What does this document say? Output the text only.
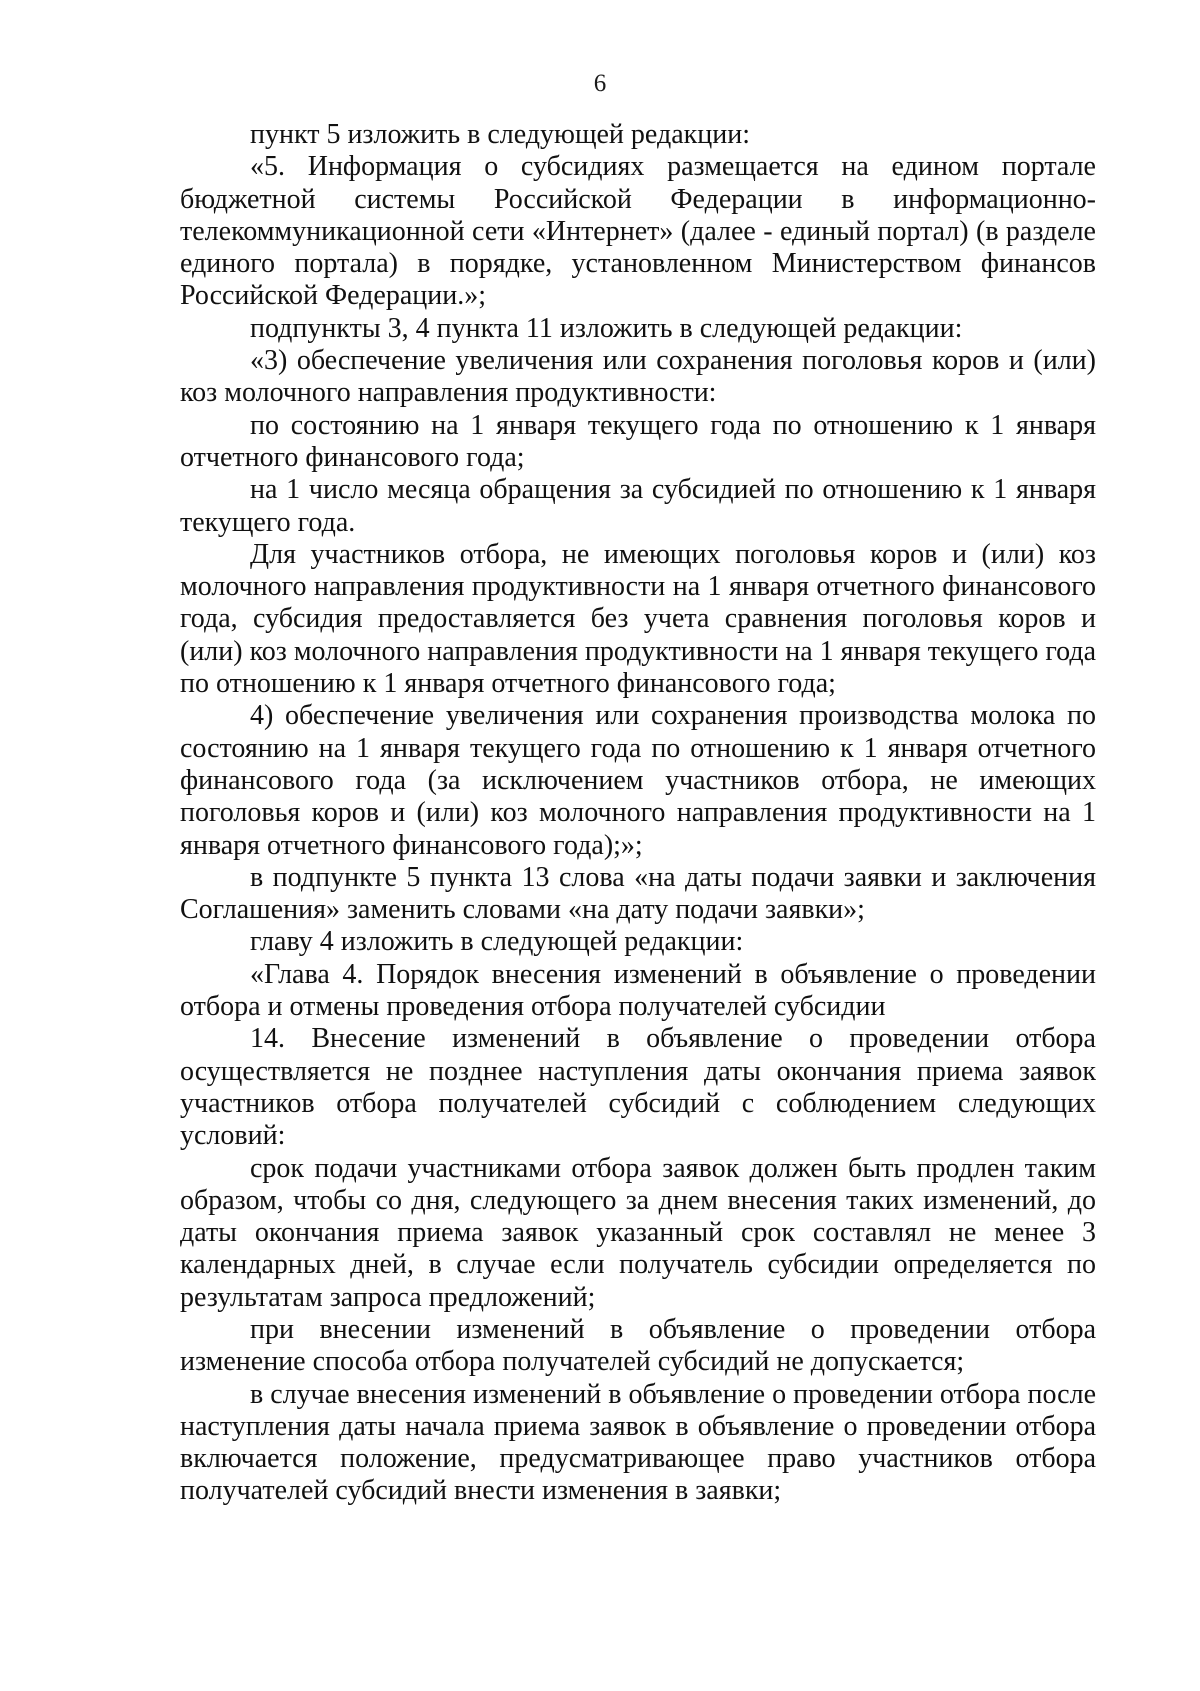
6

пункт 5 изложить в следующей редакции:

«5. Информация о субсидиях размещается на едином портале бюджетной системы Российской Федерации в информационно-телекоммуникационной сети «Интернет» (далее - единый портал) (в разделе единого портала) в порядке, установленном Министерством финансов Российской Федерации.»;

подпункты 3, 4 пункта 11 изложить в следующей редакции:

«3) обеспечение увеличения или сохранения поголовья коров и (или) коз молочного направления продуктивности:

по состоянию на 1 января текущего года по отношению к 1 января отчетного финансового года;

на 1 число месяца обращения за субсидией по отношению к 1 января текущего года.

Для участников отбора, не имеющих поголовья коров и (или) коз молочного направления продуктивности на 1 января отчетного финансового года, субсидия предоставляется без учета сравнения поголовья коров и (или) коз молочного направления продуктивности на 1 января текущего года по отношению к 1 января отчетного финансового года;

4) обеспечение увеличения или сохранения производства молока по состоянию на 1 января текущего года по отношению к 1 января отчетного финансового года (за исключением участников отбора, не имеющих поголовья коров и (или) коз молочного направления продуктивности на 1 января отчетного финансового года);»;

в подпункте 5 пункта 13 слова «на даты подачи заявки и заключения Соглашения» заменить словами «на дату подачи заявки»;

главу 4 изложить в следующей редакции:

«Глава 4. Порядок внесения изменений в объявление о проведении отбора и отмены проведения отбора получателей субсидии

14. Внесение изменений в объявление о проведении отбора осуществляется не позднее наступления даты окончания приема заявок участников отбора получателей субсидий с соблюдением следующих условий:

срок подачи участниками отбора заявок должен быть продлен таким образом, чтобы со дня, следующего за днем внесения таких изменений, до даты окончания приема заявок указанный срок составлял не менее 3 календарных дней, в случае если получатель субсидии определяется по результатам запроса предложений;

при внесении изменений в объявление о проведении отбора изменение способа отбора получателей субсидий не допускается;

в случае внесения изменений в объявление о проведении отбора после наступления даты начала приема заявок в объявление о проведении отбора включается положение, предусматривающее право участников отбора получателей субсидий внести изменения в заявки;
